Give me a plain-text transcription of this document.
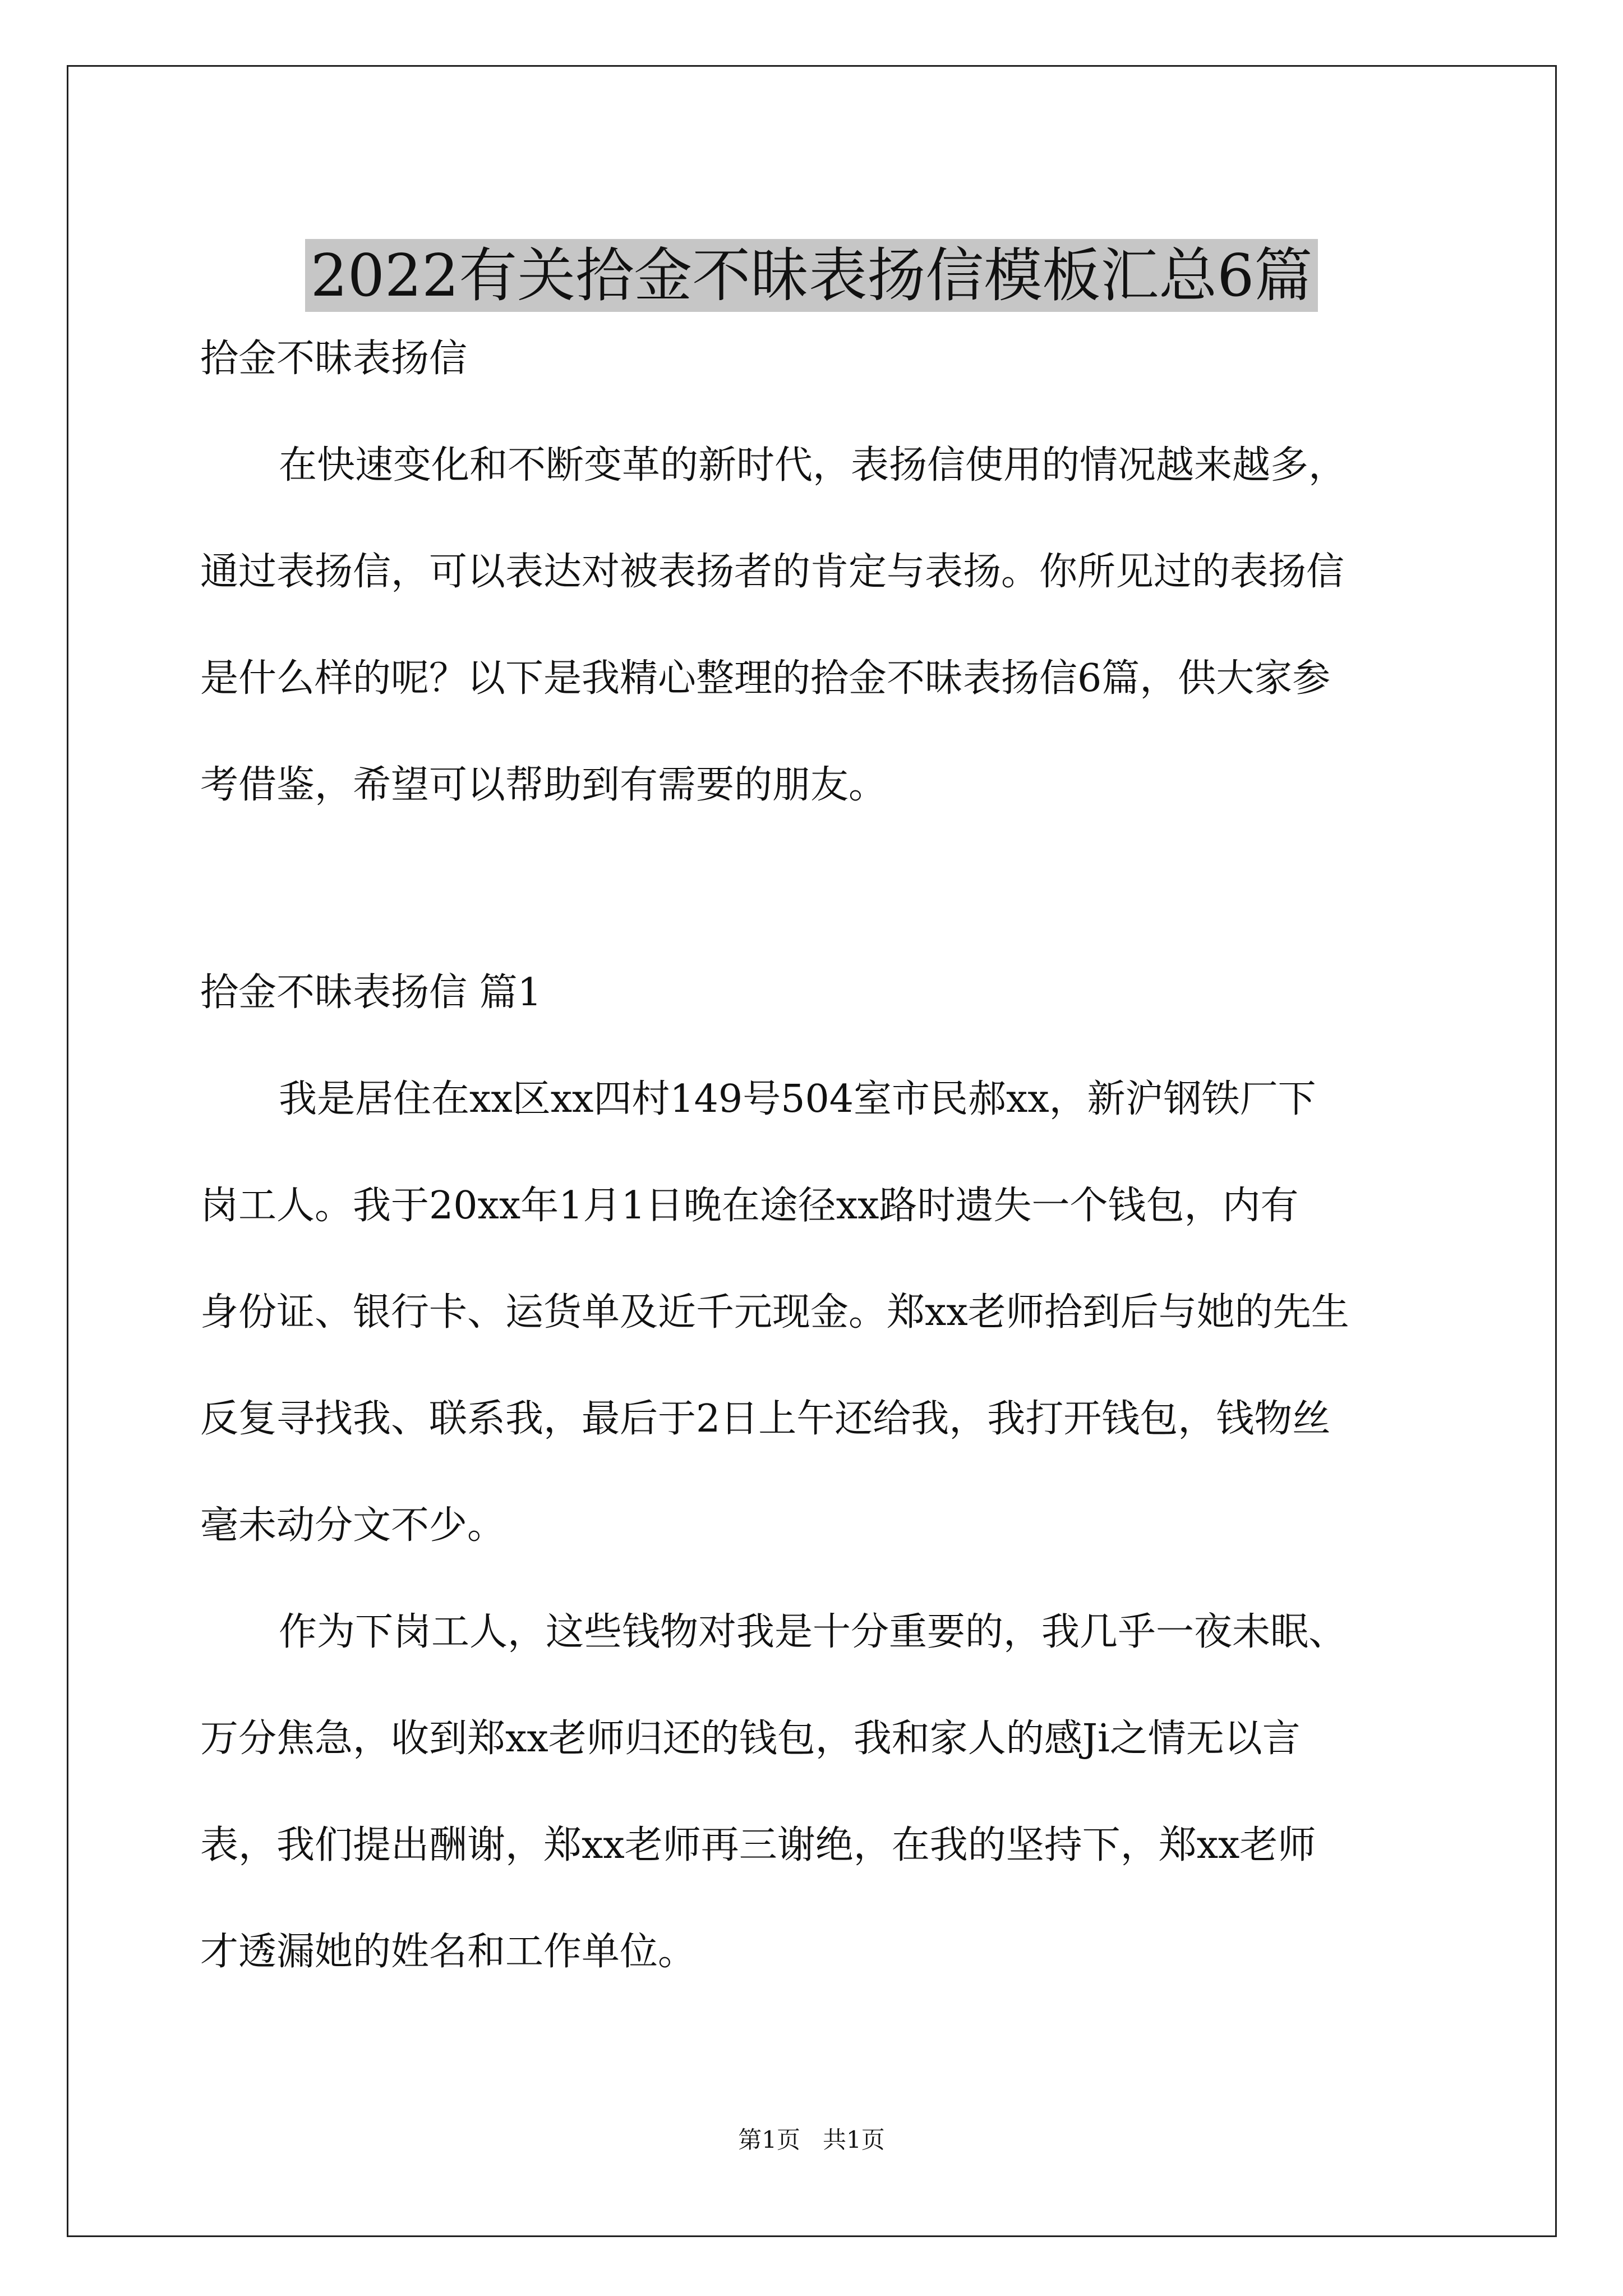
2022有关拾金不昧表扬信模板汇总6篇
拾金不昧表扬信
在快速变化和不断变革的新时代，表扬信使用的情况越来越多，
通过表扬信，可以表达对被表扬者的肯定与表扬。你所见过的表扬信
是什么样的呢？以下是我精心整理的拾金不昧表扬信6篇，供大家参
考借鉴，希望可以帮助到有需要的朋友。
拾金不昧表扬信 篇1
我是居住在xx区xx四村149号504室市民郝xx，新沪钢铁厂下
岗工人。我于20xx年1月1日晚在途径xx路时遗失一个钱包，内有
身份证、银行卡、运货单及近千元现金。郑xx老师拾到后与她的先生
反复寻找我、联系我，最后于2日上午还给我，我打开钱包，钱物丝
毫未动分文不少。
作为下岗工人，这些钱物对我是十分重要的，我几乎一夜未眠、
万分焦急，收到郑xx老师归还的钱包，我和家人的感Ji之情无以言
表，我们提出酬谢，郑xx老师再三谢绝，在我的坚持下，郑xx老师
才透漏她的姓名和工作单位。
第1页   共1页
